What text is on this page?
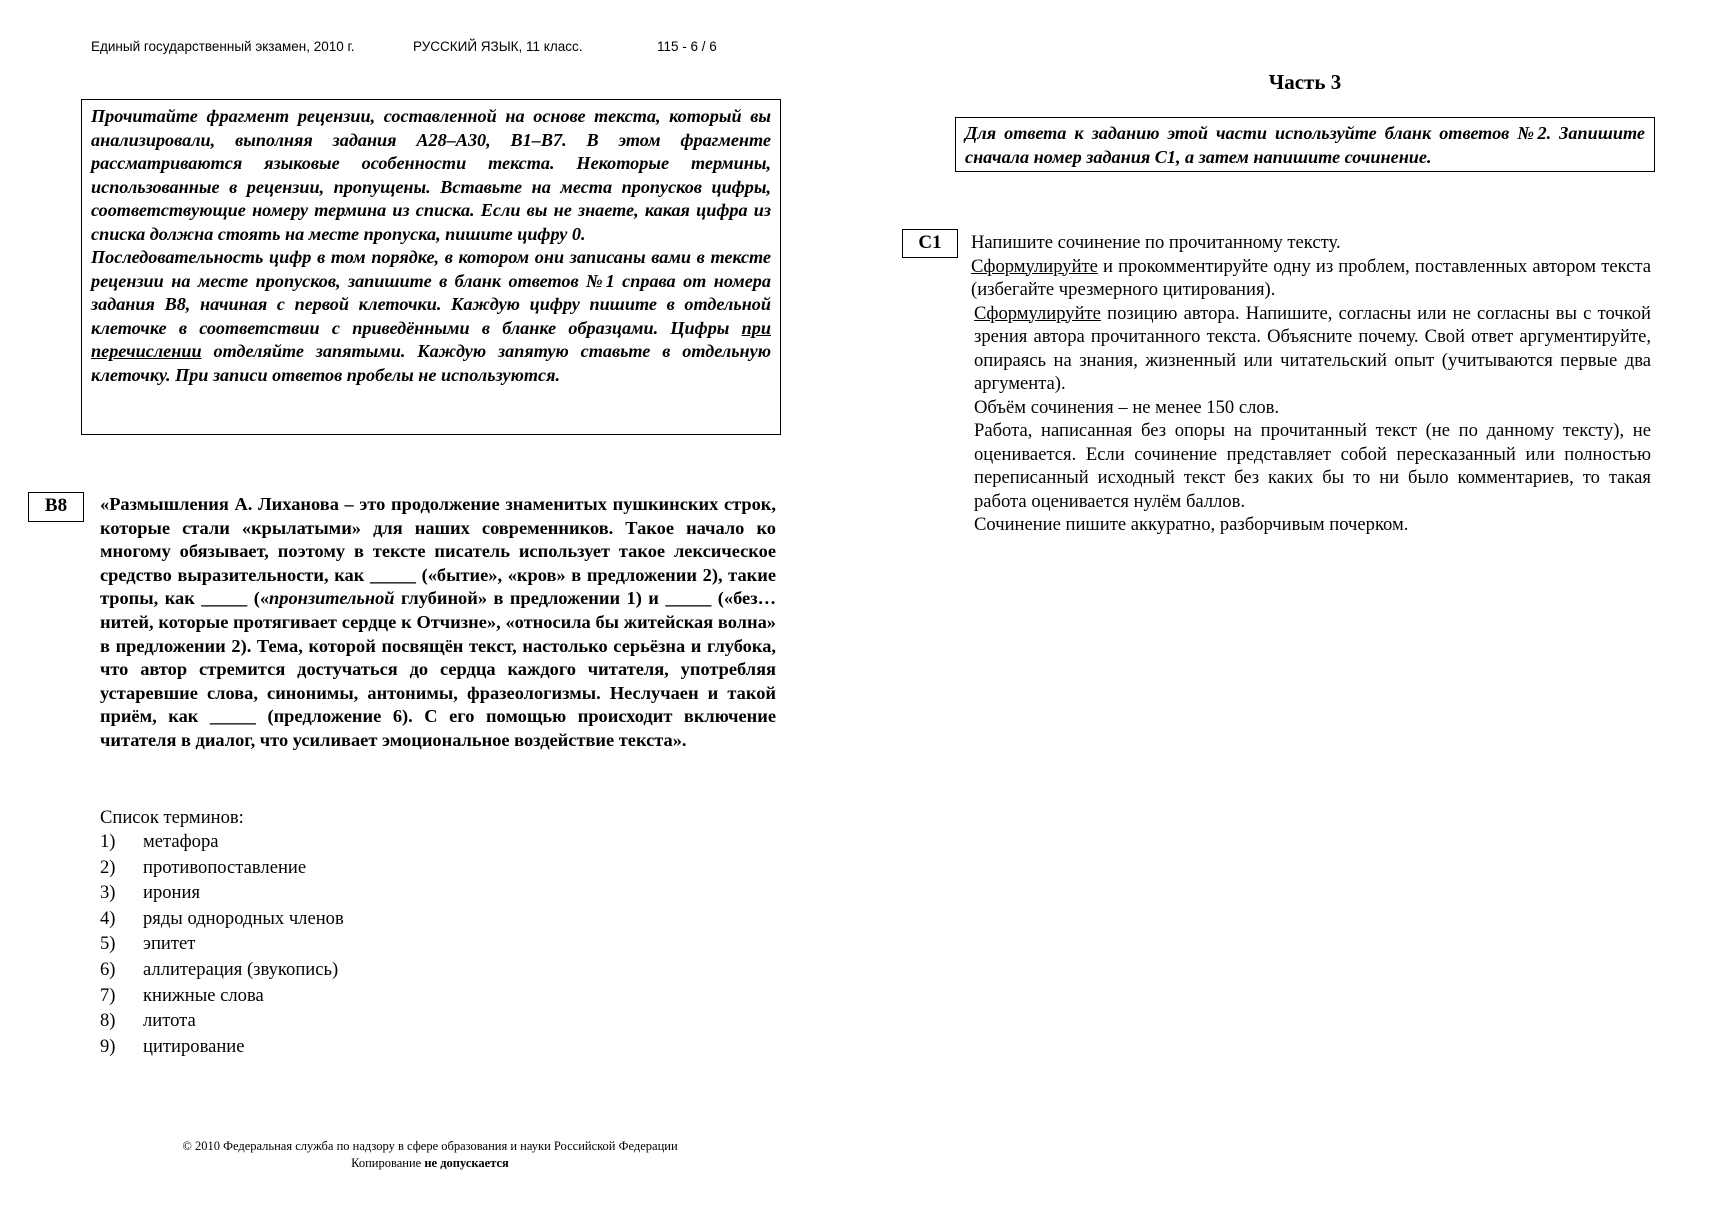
Единый государственный экзамен, 2010 г.	РУССКИЙ ЯЗЫК, 11 класс.	115 - 6 / 6
Прочитайте фрагмент рецензии, составленной на основе текста, который вы анализировали, выполняя задания А28–А30, В1–В7. В этом фрагменте рассматриваются языковые особенности текста. Некоторые термины, использованные в рецензии, пропущены. Вставьте на места пропусков цифры, соответствующие номеру термина из списка. Если вы не знаете, какая цифра из списка должна стоять на месте пропуска, пишите цифру 0.
Последовательность цифр в том порядке, в котором они записаны вами в тексте рецензии на месте пропусков, запишите в бланк ответов №1 справа от номера задания В8, начиная с первой клеточки. Каждую цифру пишите в отдельной клеточке в соответствии с приведёнными в бланке образцами. Цифры при перечислении отделяйте запятыми. Каждую запятую ставьте в отдельную клеточку. При записи ответов пробелы не используются.
В8	«Размышления А. Лиханова – это продолжение знаменитых пушкинских строк, которые стали «крылатыми» для наших современников. Такое начало ко многому обязывает, поэтому в тексте писатель использует такое лексическое средство выразительности, как _____ («бытие», «кров» в предложении 2), такие тропы, как _____ («пронзительной глубиной» в предложении 1) и _____ («без… нитей, которые протягивает сердце к Отчизне», «относила бы житейская волна» в предложении 2). Тема, которой посвящён текст, настолько серьёзна и глубока, что автор стремится достучаться до сердца каждого читателя, употребляя устаревшие слова, синонимы, антонимы, фразеологизмы. Неслучаен и такой приём, как _____ (предложение 6). С его помощью происходит включение читателя в диалог, что усиливает эмоциональное воздействие текста».
Список терминов:
1)	метафора
2)	противопоставление
3)	ирония
4)	ряды однородных членов
5)	эпитет
6)	аллитерация (звукопись)
7)	книжные слова
8)	литота
9)	цитирование
Часть 3
Для ответа к заданию этой части используйте бланк ответов №2. Запишите сначала номер задания С1, а затем напишите сочинение.
С1	Напишите сочинение по прочитанному тексту.

Сформулируйте и прокомментируйте одну из проблем, поставленных автором текста (избегайте чрезмерного цитирования).

Сформулируйте позицию автора. Напишите, согласны или не согласны вы с точкой зрения автора прочитанного текста. Объясните почему. Свой ответ аргументируйте, опираясь на знания, жизненный или читательский опыт (учитываются первые два аргумента).

Объём сочинения – не менее 150 слов.

Работа, написанная без опоры на прочитанный текст (не по данному тексту), не оценивается. Если сочинение представляет собой пересказанный или полностью переписанный исходный текст без каких бы то ни было комментариев, то такая работа оценивается нулём баллов.

Сочинение пишите аккуратно, разборчивым почерком.

© 2010 Федеральная служба по надзору в сфере образования и науки Российской Федерации
Копирование не допускается
